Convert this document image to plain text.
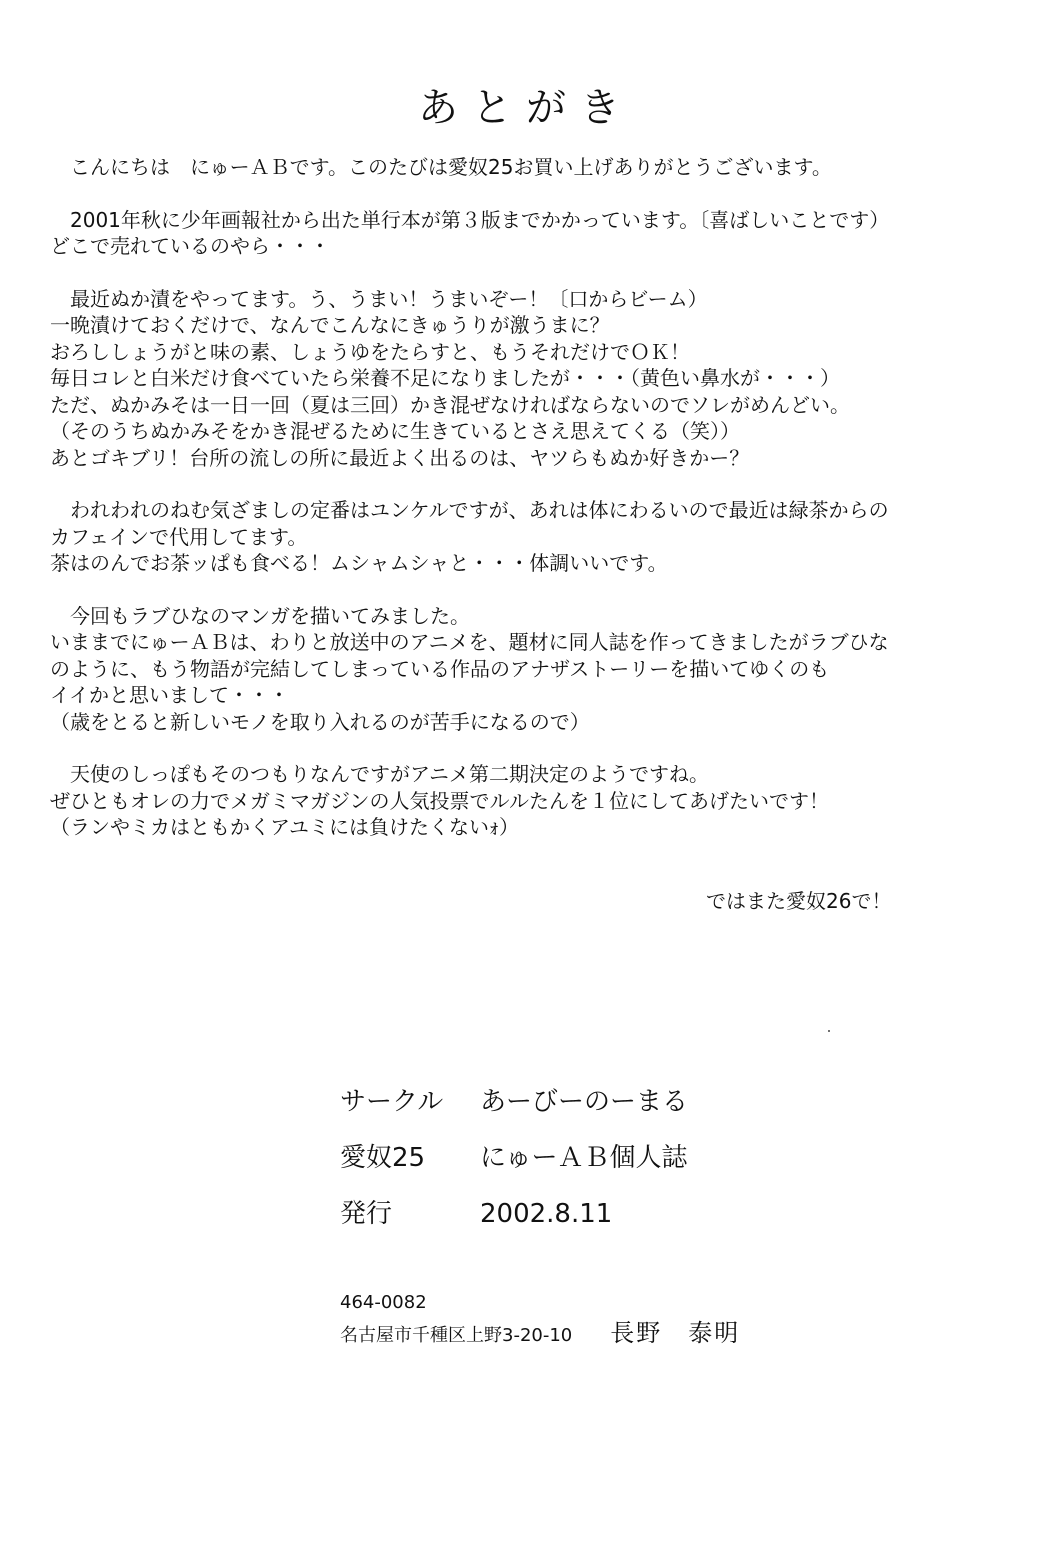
あとがき
　こんにちは　にゅーＡＢです。このたびは愛奴25お買い上げありがとうございます。
　2001年秋に少年画報社から出た単行本が第３版までかかっています。〔喜ばしいことです）
どこで売れているのやら・・・
　最近ぬか漬をやってます。う、うまい！うまいぞー！〔口からビーム）
一晩漬けておくだけで、なんでこんなにきゅうりが激うまに？
おろししょうがと味の素、しょうゆをたらすと、もうそれだけでＯＫ！
毎日コレと白米だけ食べていたら栄養不足になりましたが・・・（黄色い鼻水が・・・）
ただ、ぬかみそは一日一回（夏は三回）かき混ぜなければならないのでソレがめんどい。
（そのうちぬかみそをかき混ぜるために生きているとさえ思えてくる（笑））
あとゴキブリ！台所の流しの所に最近よく出るのは、ヤツらもぬか好きかー？
　われわれのねむ気ざましの定番はユンケルですが、あれは体にわるいので最近は緑茶からの
カフェインで代用してます。
茶はのんでお茶ッぱも食べる！ムシャムシャと・・・体調いいです。
　今回もラブひなのマンガを描いてみました。
いままでにゅーＡＢは、わりと放送中のアニメを、題材に同人誌を作ってきましたがラブひな
のように、もう物語が完結してしまっている作品のアナザストーリーを描いてゆくのも
イイかと思いまして・・・
（歳をとると新しいモノを取り入れるのが苦手になるので）
　天使のしっぽもそのつもりなんですがアニメ第二期決定のようですね。
ぜひともオレの力でメガミマガジンの人気投票でルルたんを１位にしてあげたいです！
（ランやミカはともかくアユミには負けたくないｫ）
ではまた愛奴26で！
サークル あーびーのーまる
愛奴25 にゅーＡＢ個人誌
発行	2002.8.11
464-0082
名古屋市千種区上野3-20-10 長野　泰明
